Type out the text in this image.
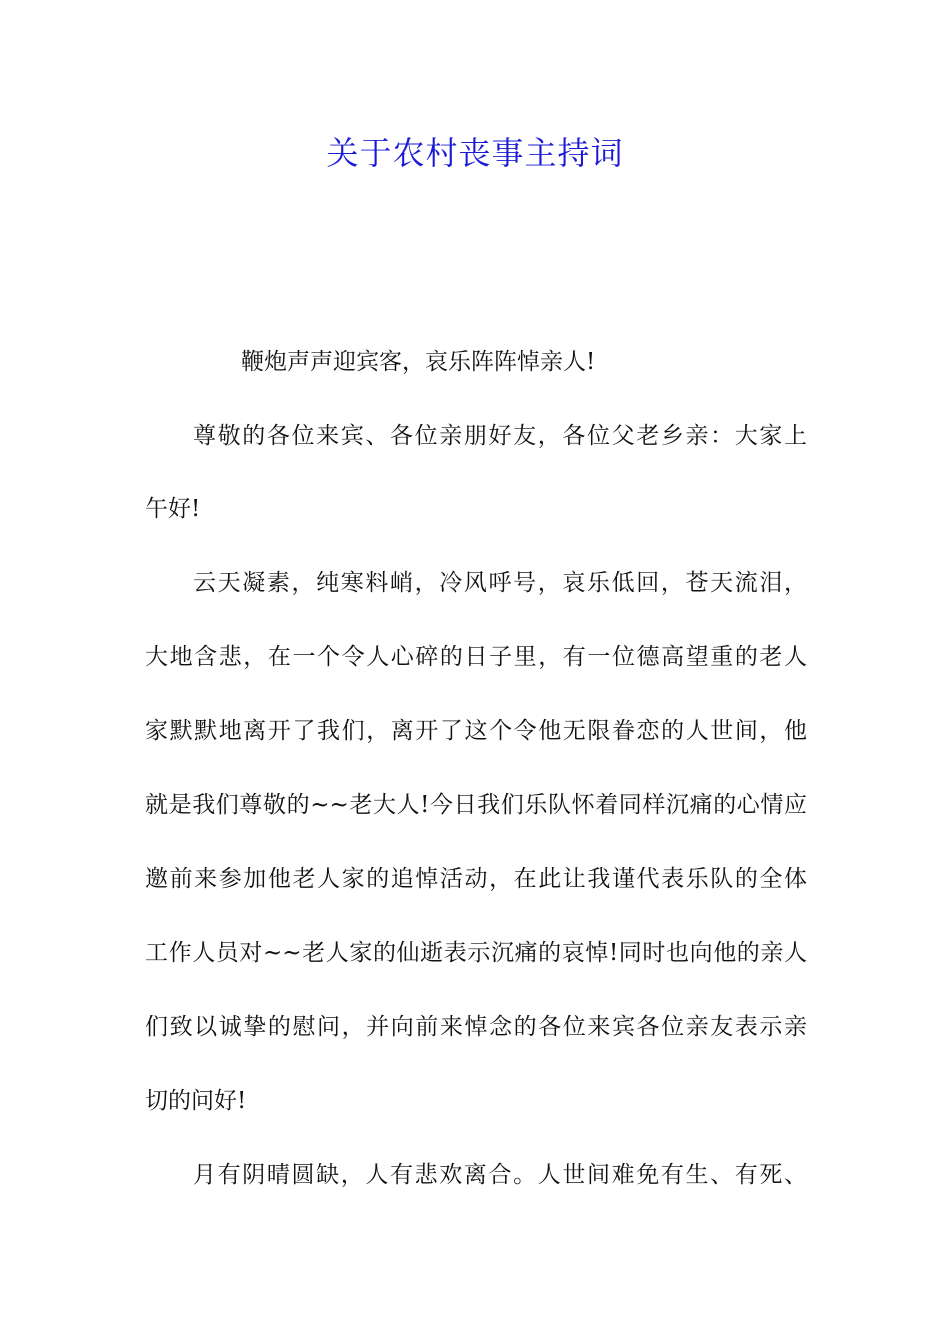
关于农村丧事主持词
鞭炮声声迎宾客，哀乐阵阵悼亲人!
尊敬的各位来宾、各位亲朋好友，各位父老乡亲：大家上
午好!
云天凝素，纯寒料峭，冷风呼号，哀乐低回，苍天流泪，
大地含悲，在一个令人心碎的日子里，有一位德高望重的老人
家默默地离开了我们，离开了这个令他无限眷恋的人世间，他
就是我们尊敬的~~老大人!今日我们乐队怀着同样沉痛的心情应
邀前来参加他老人家的追悼活动，在此让我谨代表乐队的全体
工作人员对~~老人家的仙逝表示沉痛的哀悼!同时也向他的亲人
们致以诚挚的慰问，并向前来悼念的各位来宾各位亲友表示亲
切的问好!
月有阴晴圆缺，人有悲欢离合。人世间难免有生、有死、
